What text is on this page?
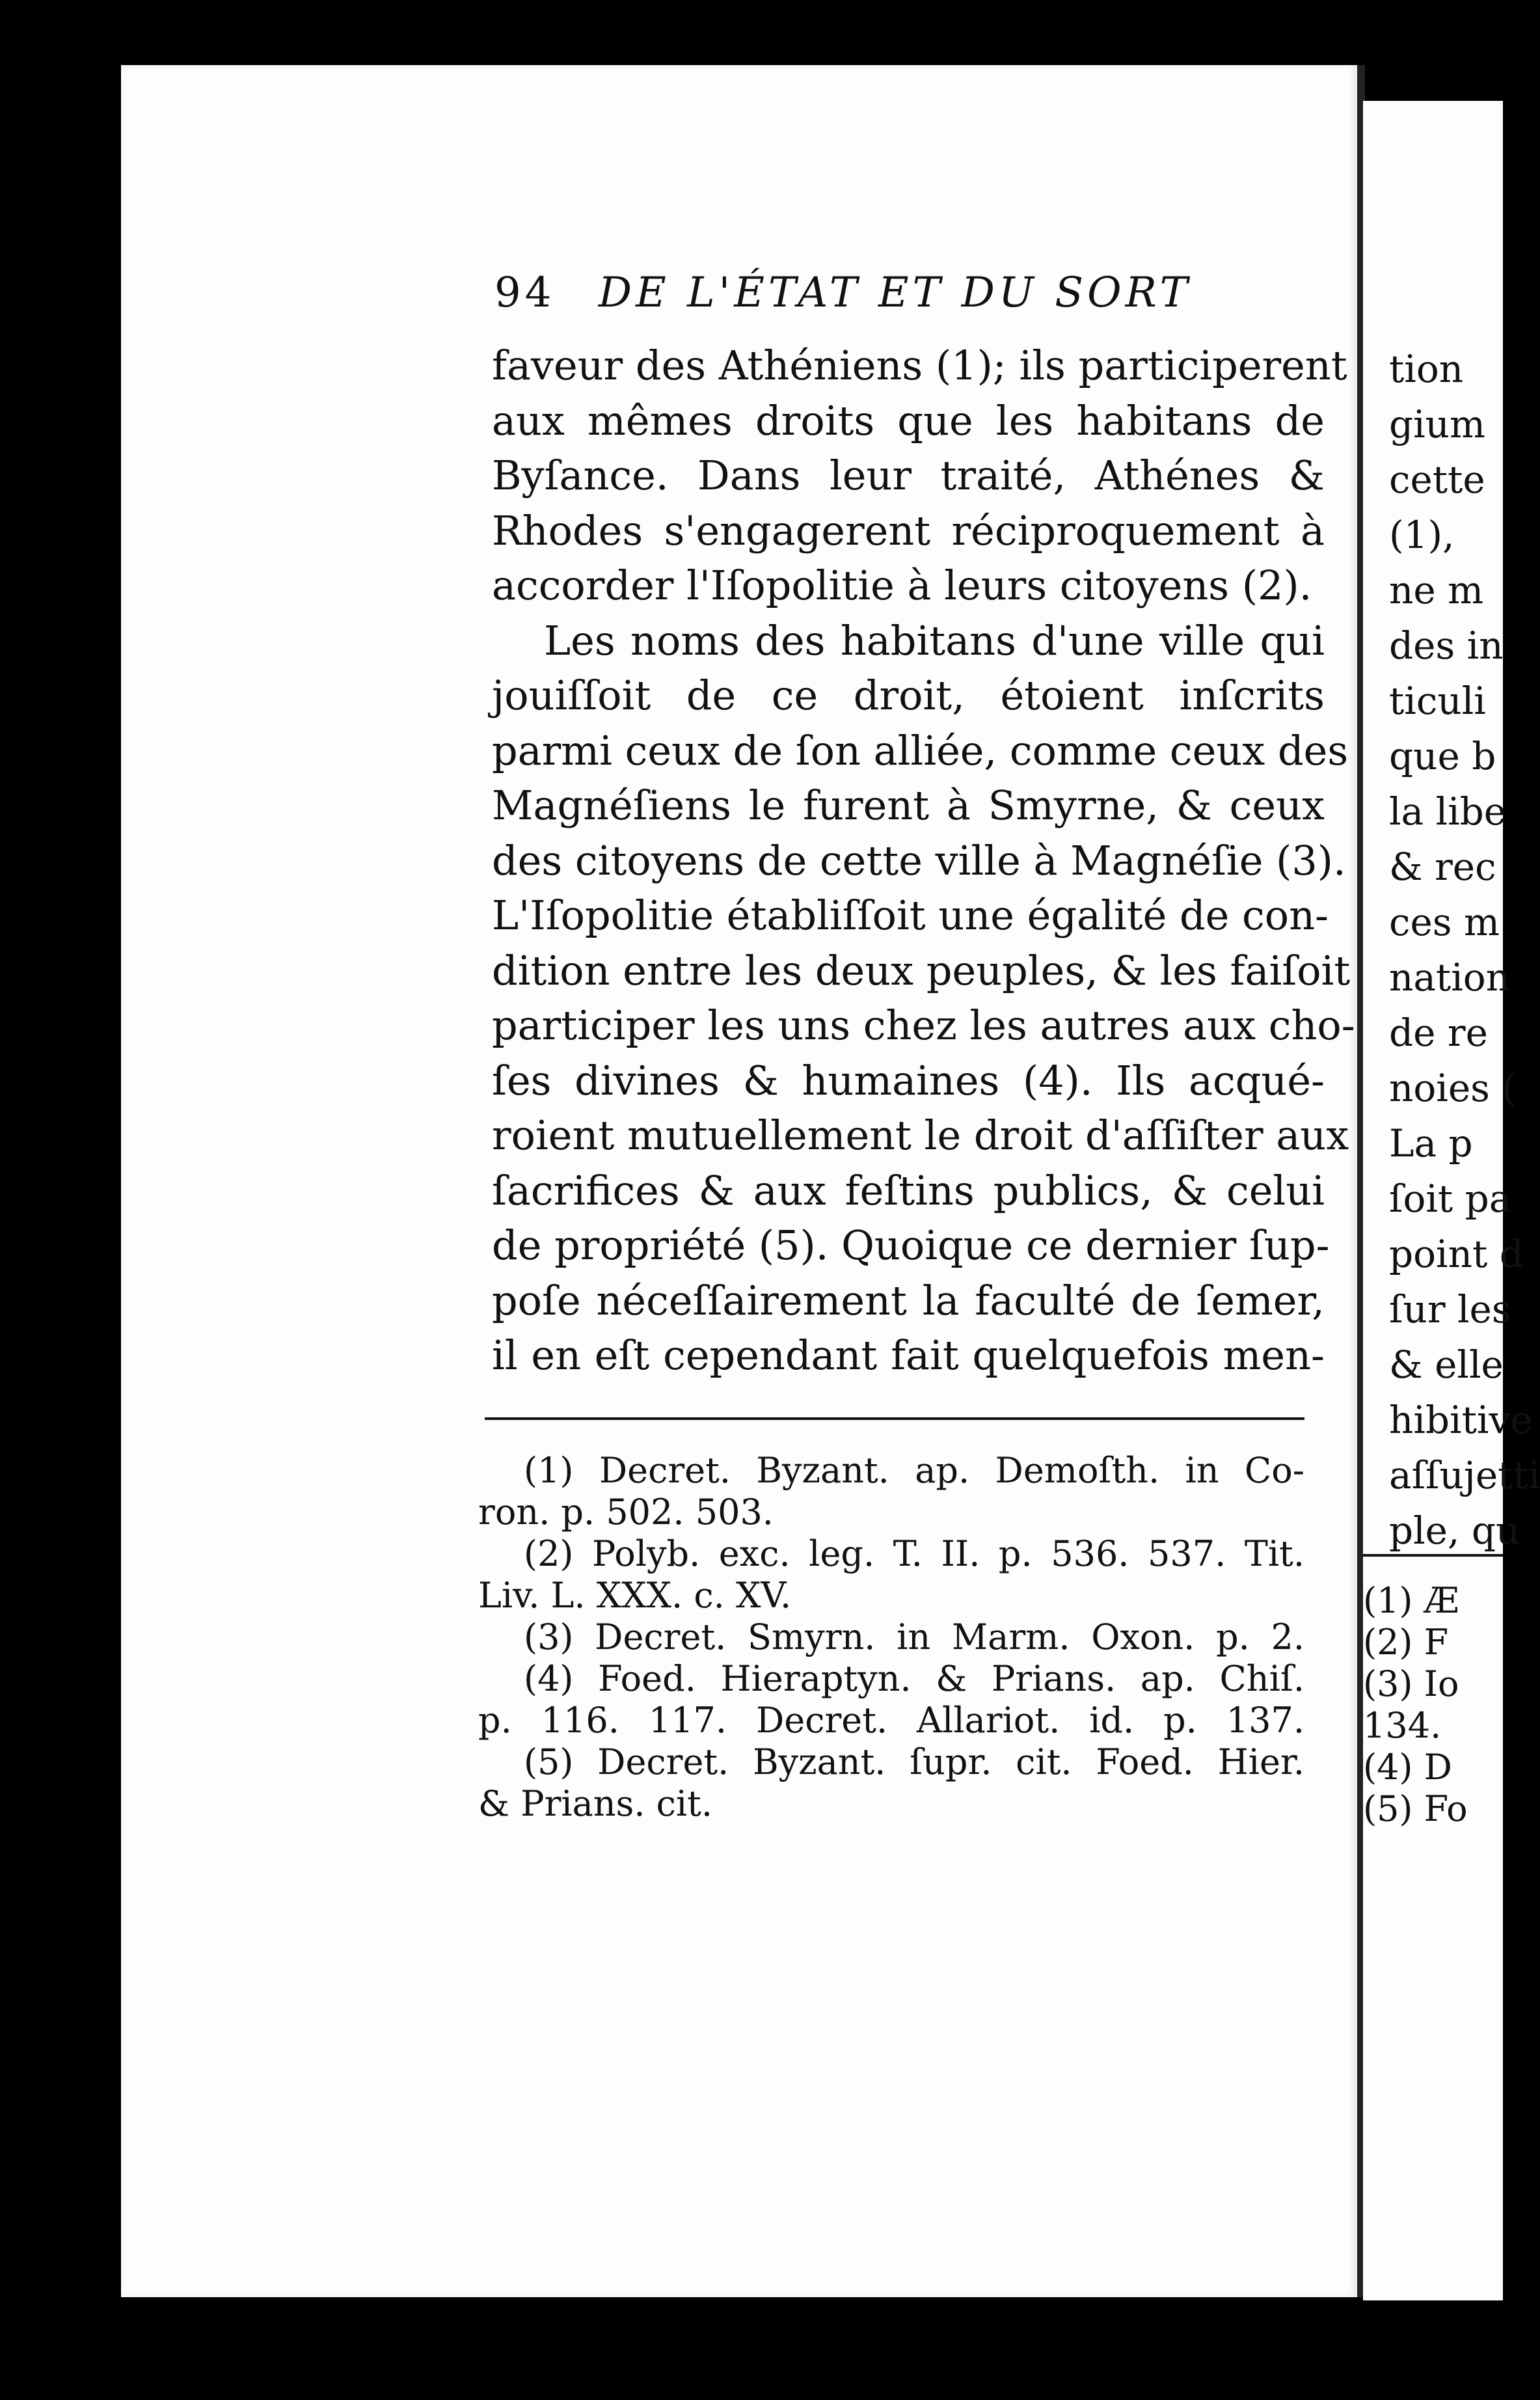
94 DE L'ÉTAT ET DU SORT
faveur des Athéniens (1); ils participerent
aux mêmes droits que les habitans de
Byſance. Dans leur traité, Athénes &
Rhodes s'engagerent réciproquement à
accorder l'Iſopolitie à leurs citoyens (2).
Les noms des habitans d'une ville qui
jouiſſoit de ce droit, étoient inſcrits
parmi ceux de ſon alliée, comme ceux des
Magnéſiens le furent à Smyrne, & ceux
des citoyens de cette ville à Magnéſie (3).
L'Iſopolitie établiſſoit une égalité de con-
dition entre les deux peuples, & les faiſoit
participer les uns chez les autres aux cho-
ſes divines & humaines (4). Ils acqué-
roient mutuellement le droit d'aſſiſter aux
ſacrifices & aux feſtins publics, & celui
de propriété (5). Quoique ce dernier ſup-
poſe néceſſairement la faculté de ſemer,
il en eſt cependant fait quelquefois men-
(1) Decret. Byzant. ap. Demoſth. in Co-
ron. p. 502. 503.
(2) Polyb. exc. leg. T. II. p. 536. 537. Tit.
Liv. L. XXX. c. XV.
(3) Decret. Smyrn. in Marm. Oxon. p. 2.
(4) Foed. Hieraptyn. & Prians. ap. Chiſ.
p. 116. 117. Decret. Allariot. id. p. 137.
(5) Decret. Byzant. ſupr. cit. Foed. Hier.
& Prians. cit.
tion
gium
cette
(1),
ne m
des in
ticuli
que b
la libe
& rec
ces m
nation
de re
noies (
La p
ſoit pa
point d
ſur les
& elle
hibitive
aſſujetti
ple, qu
(1) Æ
(2) F
(3) Io
134.
(4) D
(5) Fo
